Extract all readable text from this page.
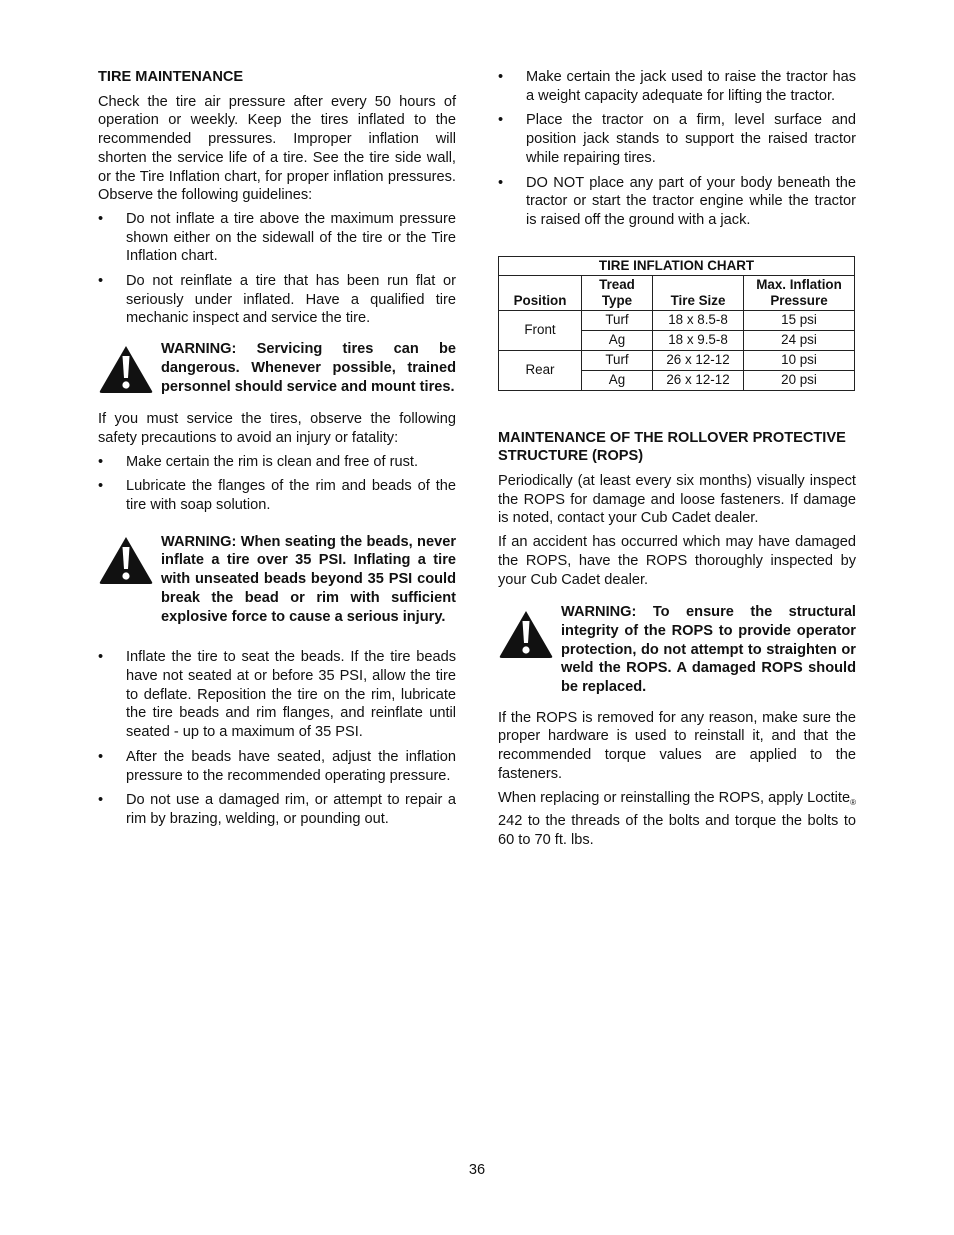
TIRE MAINTENANCE

Check the tire air pressure after every 50 hours of operation or weekly. Keep the tires inflated to the recommended pressures. Improper inflation will shorten the service life of a tire. See the tire side wall, or the Tire Inflation chart, for proper inflation pressures. Observe the following guidelines:

• Do not inflate a tire above the maximum pressure shown either on the sidewall of the tire or the Tire Inflation chart.
• Do not reinflate a tire that has been run flat or seriously under inflated. Have a qualified tire mechanic inspect and service the tire.
WARNING: Servicing tires can be dangerous. Whenever possible, trained personnel should service and mount tires.

If you must service the tires, observe the following safety precautions to avoid an injury or fatality:

• Make certain the rim is clean and free of rust.
• Lubricate the flanges of the rim and beads of the tire with soap solution.
WARNING: When seating the beads, never inflate a tire over 35 PSI. Inflating a tire with unseated beads beyond 35 PSI could break the bead or rim with sufficient explosive force to cause a serious injury.
• Inflate the tire to seat the beads. If the tire beads have not seated at or before 35 PSI, allow the tire to deflate. Reposition the tire on the rim, lubricate the tire beads and rim flanges, and reinflate until seated - up to a maximum of 35 PSI.
• After the beads have seated, adjust the inflation pressure to the recommended operating pressure.
• Do not use a damaged rim, or attempt to repair a rim by brazing, welding, or pounding out.
• Make certain the jack used to raise the tractor has a weight capacity adequate for lifting the tractor.
• Place the tractor on a firm, level surface and position jack stands to support the raised tractor while repairing tires.
• DO NOT place any part of your body beneath the tractor or start the tractor engine while the tractor is raised off the ground with a jack.
TIRE INFLATION CHART			
Position	Tread Type	Tire Size	Max. Inflation Pressure
Front	Turf	18 x 8.5-8	15 psi
	Ag	18 x 9.5-8	24 psi
Rear	Turf	26 x 12-12	10 psi
	Ag	26 x 12-12	20 psi
MAINTENANCE OF THE ROLLOVER PROTECTIVE STRUCTURE (ROPS)

Periodically (at least every six months) visually inspect the ROPS for damage and loose fasteners. If damage is noted, contact your Cub Cadet dealer.

If an accident has occurred which may have damaged the ROPS, have the ROPS thoroughly inspected by your Cub Cadet dealer.

WARNING: To ensure the structural integrity of the ROPS to provide operator protection, do not attempt to straighten or weld the ROPS. A damaged ROPS should be replaced.

If the ROPS is removed for any reason, make sure the proper hardware is used to reinstall it, and that the recommended torque values are applied to the fasteners.

When replacing or reinstalling the ROPS, apply Loctite$_®$ 242 to the threads of the bolts and torque the bolts to 60 to 70 ft. lbs.

36
